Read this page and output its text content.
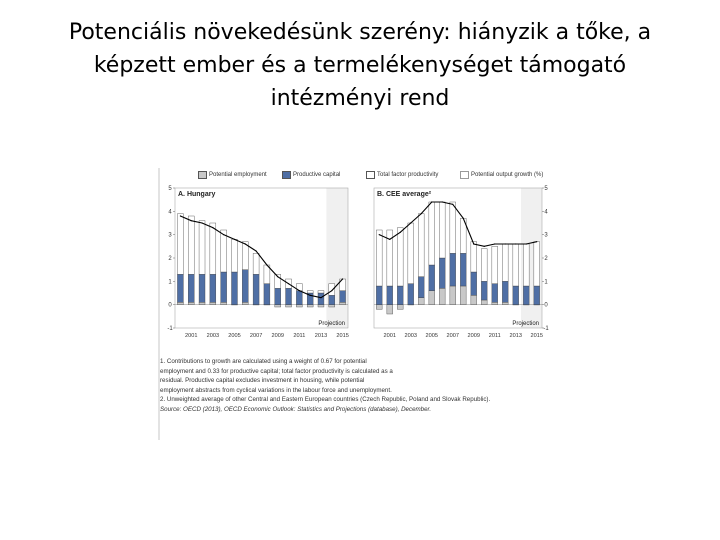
Potenciális növekedésünk szerény: hiányzik a tőke, a
képzett ember és a termelékenységet támogató
intézményi rend
Potential employment	Productive capital	Total factor productivity	Potential output growth (%)
5
4
3
2
1
0
-1
2001 2003 2005 2007 2009 2011 2013 2015
A. Hungary
Projection
5
4
3
2
1
0
-1
2001 2003 2005 2007 2009 2011 2013 2015
B. CEE average²
Projection
1. Contributions to growth are calculated using a weight of 0.67 for potential
employment and 0.33 for productive capital; total factor productivity is calculated as a
residual. Productive capital excludes investment in housing, while potential
employment abstracts from cyclical variations in the labour force and unemployment.
2. Unweighted average of other Central and Eastern European countries (Czech Republic, Poland and Slovak Republic).
Source: OECD (2013), OECD Economic Outlook: Statistics and Projections (database), December.
